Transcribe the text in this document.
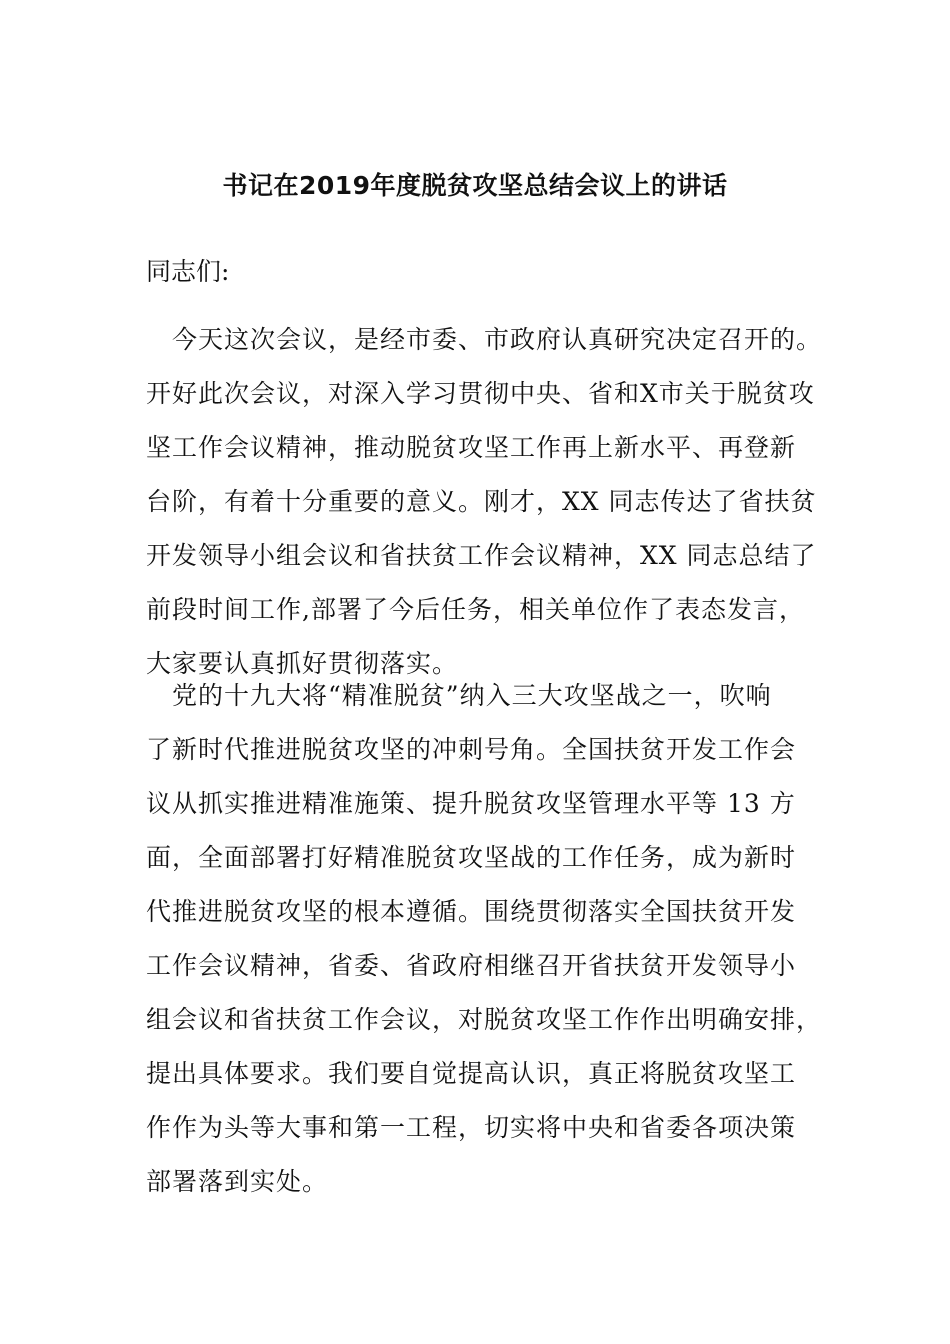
书记在2019年度脱贫攻坚总结会议上的讲话

同志们:

　今天这次会议，是经市委、市政府认真研究决定召开的。
开好此次会议，对深入学习贯彻中央、省和X市关于脱贫攻
坚工作会议精神，推动脱贫攻坚工作再上新水平、再登新
台阶，有着十分重要的意义。刚才，XX 同志传达了省扶贫
开发领导小组会议和省扶贫工作会议精神，XX 同志总结了
前段时间工作,部署了今后任务，相关单位作了表态发言，
大家要认真抓好贯彻落实。
　党的十九大将“精准脱贫”纳入三大攻坚战之一，吹响
了新时代推进脱贫攻坚的冲刺号角。全国扶贫开发工作会
议从抓实推进精准施策、提升脱贫攻坚管理水平等 13 方
面，全面部署打好精准脱贫攻坚战的工作任务，成为新时
代推进脱贫攻坚的根本遵循。围绕贯彻落实全国扶贫开发
工作会议精神，省委、省政府相继召开省扶贫开发领导小
组会议和省扶贫工作会议，对脱贫攻坚工作作出明确安排，
提出具体要求。我们要自觉提高认识，真正将脱贫攻坚工
作作为头等大事和第一工程，切实将中央和省委各项决策
部署落到实处。
